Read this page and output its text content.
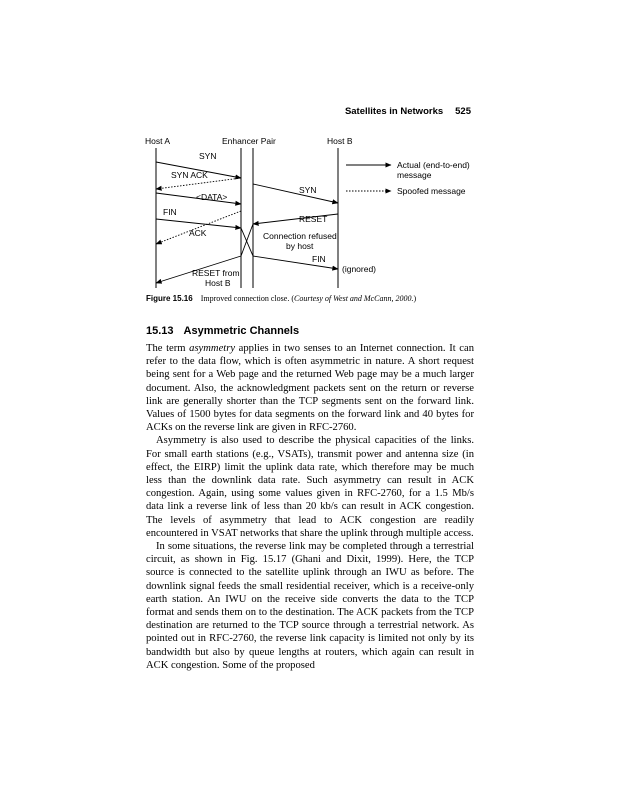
Satellites in Networks 525
Host A	Enhancer Pair	Host B
SYN
SYN ACK
SYN
<DATA>
FIN
RESET
ACK	Connection refused
by host
FIN
(ignored)
RESET from
Host B
Actual (end-to-end)
message
Spoofed message
Figure 15.16 Improved connection close. (Courtesy of West and McCann, 2000.)
15.13 Asymmetric Channels

The term asymmetry applies in two senses to an Internet connection. It can refer to the data flow, which is often asymmetric in nature. A short request being sent for a Web page and the returned Web page may be a much larger document. Also, the acknowledgment packets sent on the return or reverse link are generally shorter than the TCP segments sent on the forward link. Values of 1500 bytes for data segments on the forward link and 40 bytes for ACKs on the reverse link are given in RFC-2760.

Asymmetry is also used to describe the physical capacities of the links. For small earth stations (e.g., VSATs), transmit power and antenna size (in effect, the EIRP) limit the uplink data rate, which therefore may be much less than the downlink data rate. Such asymmetry can result in ACK congestion. Again, using some values given in RFC-2760, for a 1.5 Mb/s data link a reverse link of less than 20 kb/s can result in ACK congestion. The levels of asymmetry that lead to ACK congestion are readily encountered in VSAT networks that share the uplink through multiple access.

In some situations, the reverse link may be completed through a terrestrial circuit, as shown in Fig. 15.17 (Ghani and Dixit, 1999). Here, the TCP source is connected to the satellite uplink through an IWU as before. The downlink signal feeds the small residential receiver, which is a receive-only earth station. An IWU on the receive side converts the data to the TCP format and sends them on to the destination. The ACK packets from the TCP destination are returned to the TCP source through a terrestrial network. As pointed out in RFC-2760, the reverse link capacity is limited not only by its bandwidth but also by queue lengths at routers, which again can result in ACK congestion. Some of the proposed
